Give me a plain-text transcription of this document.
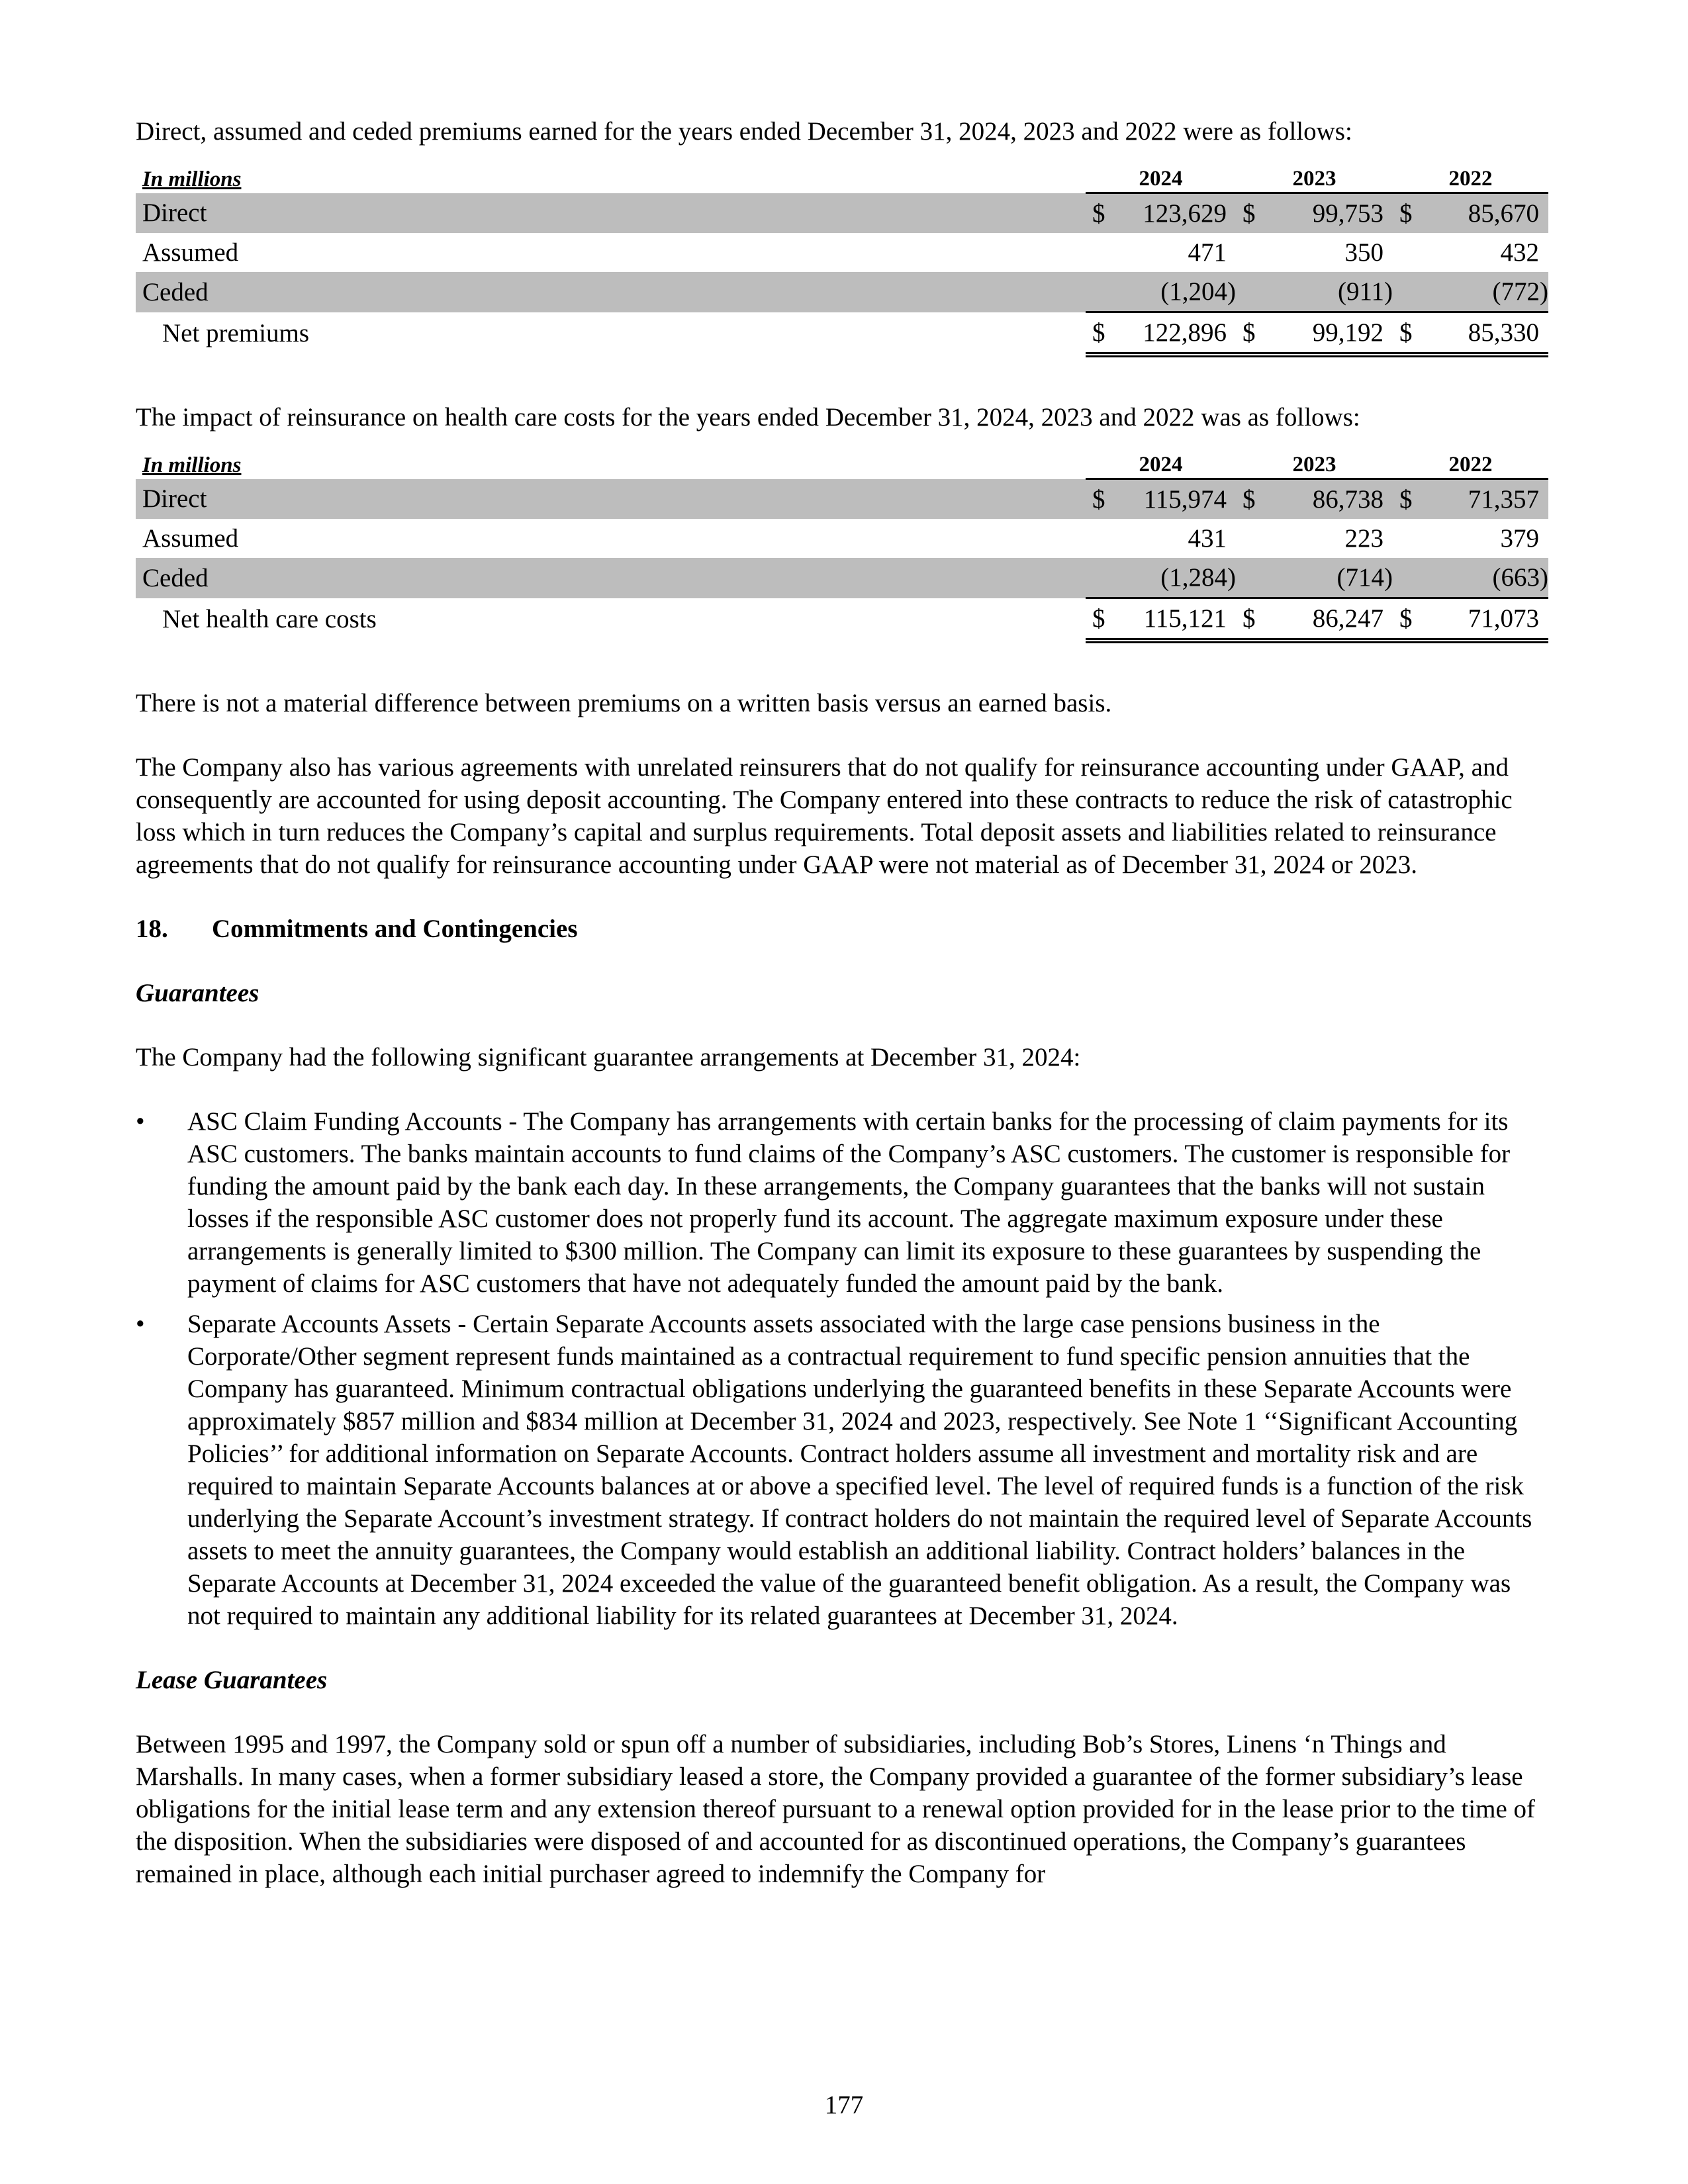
Direct, assumed and ceded premiums earned for the years ended December 31, 2024, 2023 and 2022 were as follows:

In millions	2024		2023		2022	
Direct	$	123,629	$	99,753	$	85,670
Assumed		471		350		432
Ceded		(1,204)		(911)		(772)
Net premiums	$	122,896	$	99,192	$	85,330

The impact of reinsurance on health care costs for the years ended December 31, 2024, 2023 and 2022 was as follows:

In millions	2024		2023		2022	
Direct	$	115,974	$	86,738	$	71,357
Assumed		431		223		379
Ceded		(1,284)		(714)		(663)
Net health care costs	$	115,121	$	86,247	$	71,073

There is not a material difference between premiums on a written basis versus an earned basis.

The Company also has various agreements with unrelated reinsurers that do not qualify for reinsurance accounting under GAAP, and consequently are accounted for using deposit accounting. The Company entered into these contracts to reduce the risk of catastrophic loss which in turn reduces the Company’s capital and surplus requirements. Total deposit assets and liabilities related to reinsurance agreements that do not qualify for reinsurance accounting under GAAP were not material as of December 31, 2024 or 2023.

18. Commitments and Contingencies

Guarantees

The Company had the following significant guarantee arrangements at December 31, 2024:

• ASC Claim Funding Accounts - The Company has arrangements with certain banks for the processing of claim payments for its ASC customers. The banks maintain accounts to fund claims of the Company’s ASC customers. The customer is responsible for funding the amount paid by the bank each day. In these arrangements, the Company guarantees that the banks will not sustain losses if the responsible ASC customer does not properly fund its account. The aggregate maximum exposure under these arrangements is generally limited to $300 million. The Company can limit its exposure to these guarantees by suspending the payment of claims for ASC customers that have not adequately funded the amount paid by the bank.
• Separate Accounts Assets - Certain Separate Accounts assets associated with the large case pensions business in the Corporate/Other segment represent funds maintained as a contractual requirement to fund specific pension annuities that the Company has guaranteed. Minimum contractual obligations underlying the guaranteed benefits in these Separate Accounts were approximately $857 million and $834 million at December 31, 2024 and 2023, respectively. See Note 1 ‘‘Significant Accounting Policies’’ for additional information on Separate Accounts. Contract holders assume all investment and mortality risk and are required to maintain Separate Accounts balances at or above a specified level. The level of required funds is a function of the risk underlying the Separate Account’s investment strategy. If contract holders do not maintain the required level of Separate Accounts assets to meet the annuity guarantees, the Company would establish an additional liability. Contract holders’ balances in the Separate Accounts at December 31, 2024 exceeded the value of the guaranteed benefit obligation. As a result, the Company was not required to maintain any additional liability for its related guarantees at December 31, 2024.

Lease Guarantees

Between 1995 and 1997, the Company sold or spun off a number of subsidiaries, including Bob’s Stores, Linens ‘n Things and Marshalls. In many cases, when a former subsidiary leased a store, the Company provided a guarantee of the former subsidiary’s lease obligations for the initial lease term and any extension thereof pursuant to a renewal option provided for in the lease prior to the time of the disposition. When the subsidiaries were disposed of and accounted for as discontinued operations, the Company’s guarantees remained in place, although each initial purchaser agreed to indemnify the Company for

177
